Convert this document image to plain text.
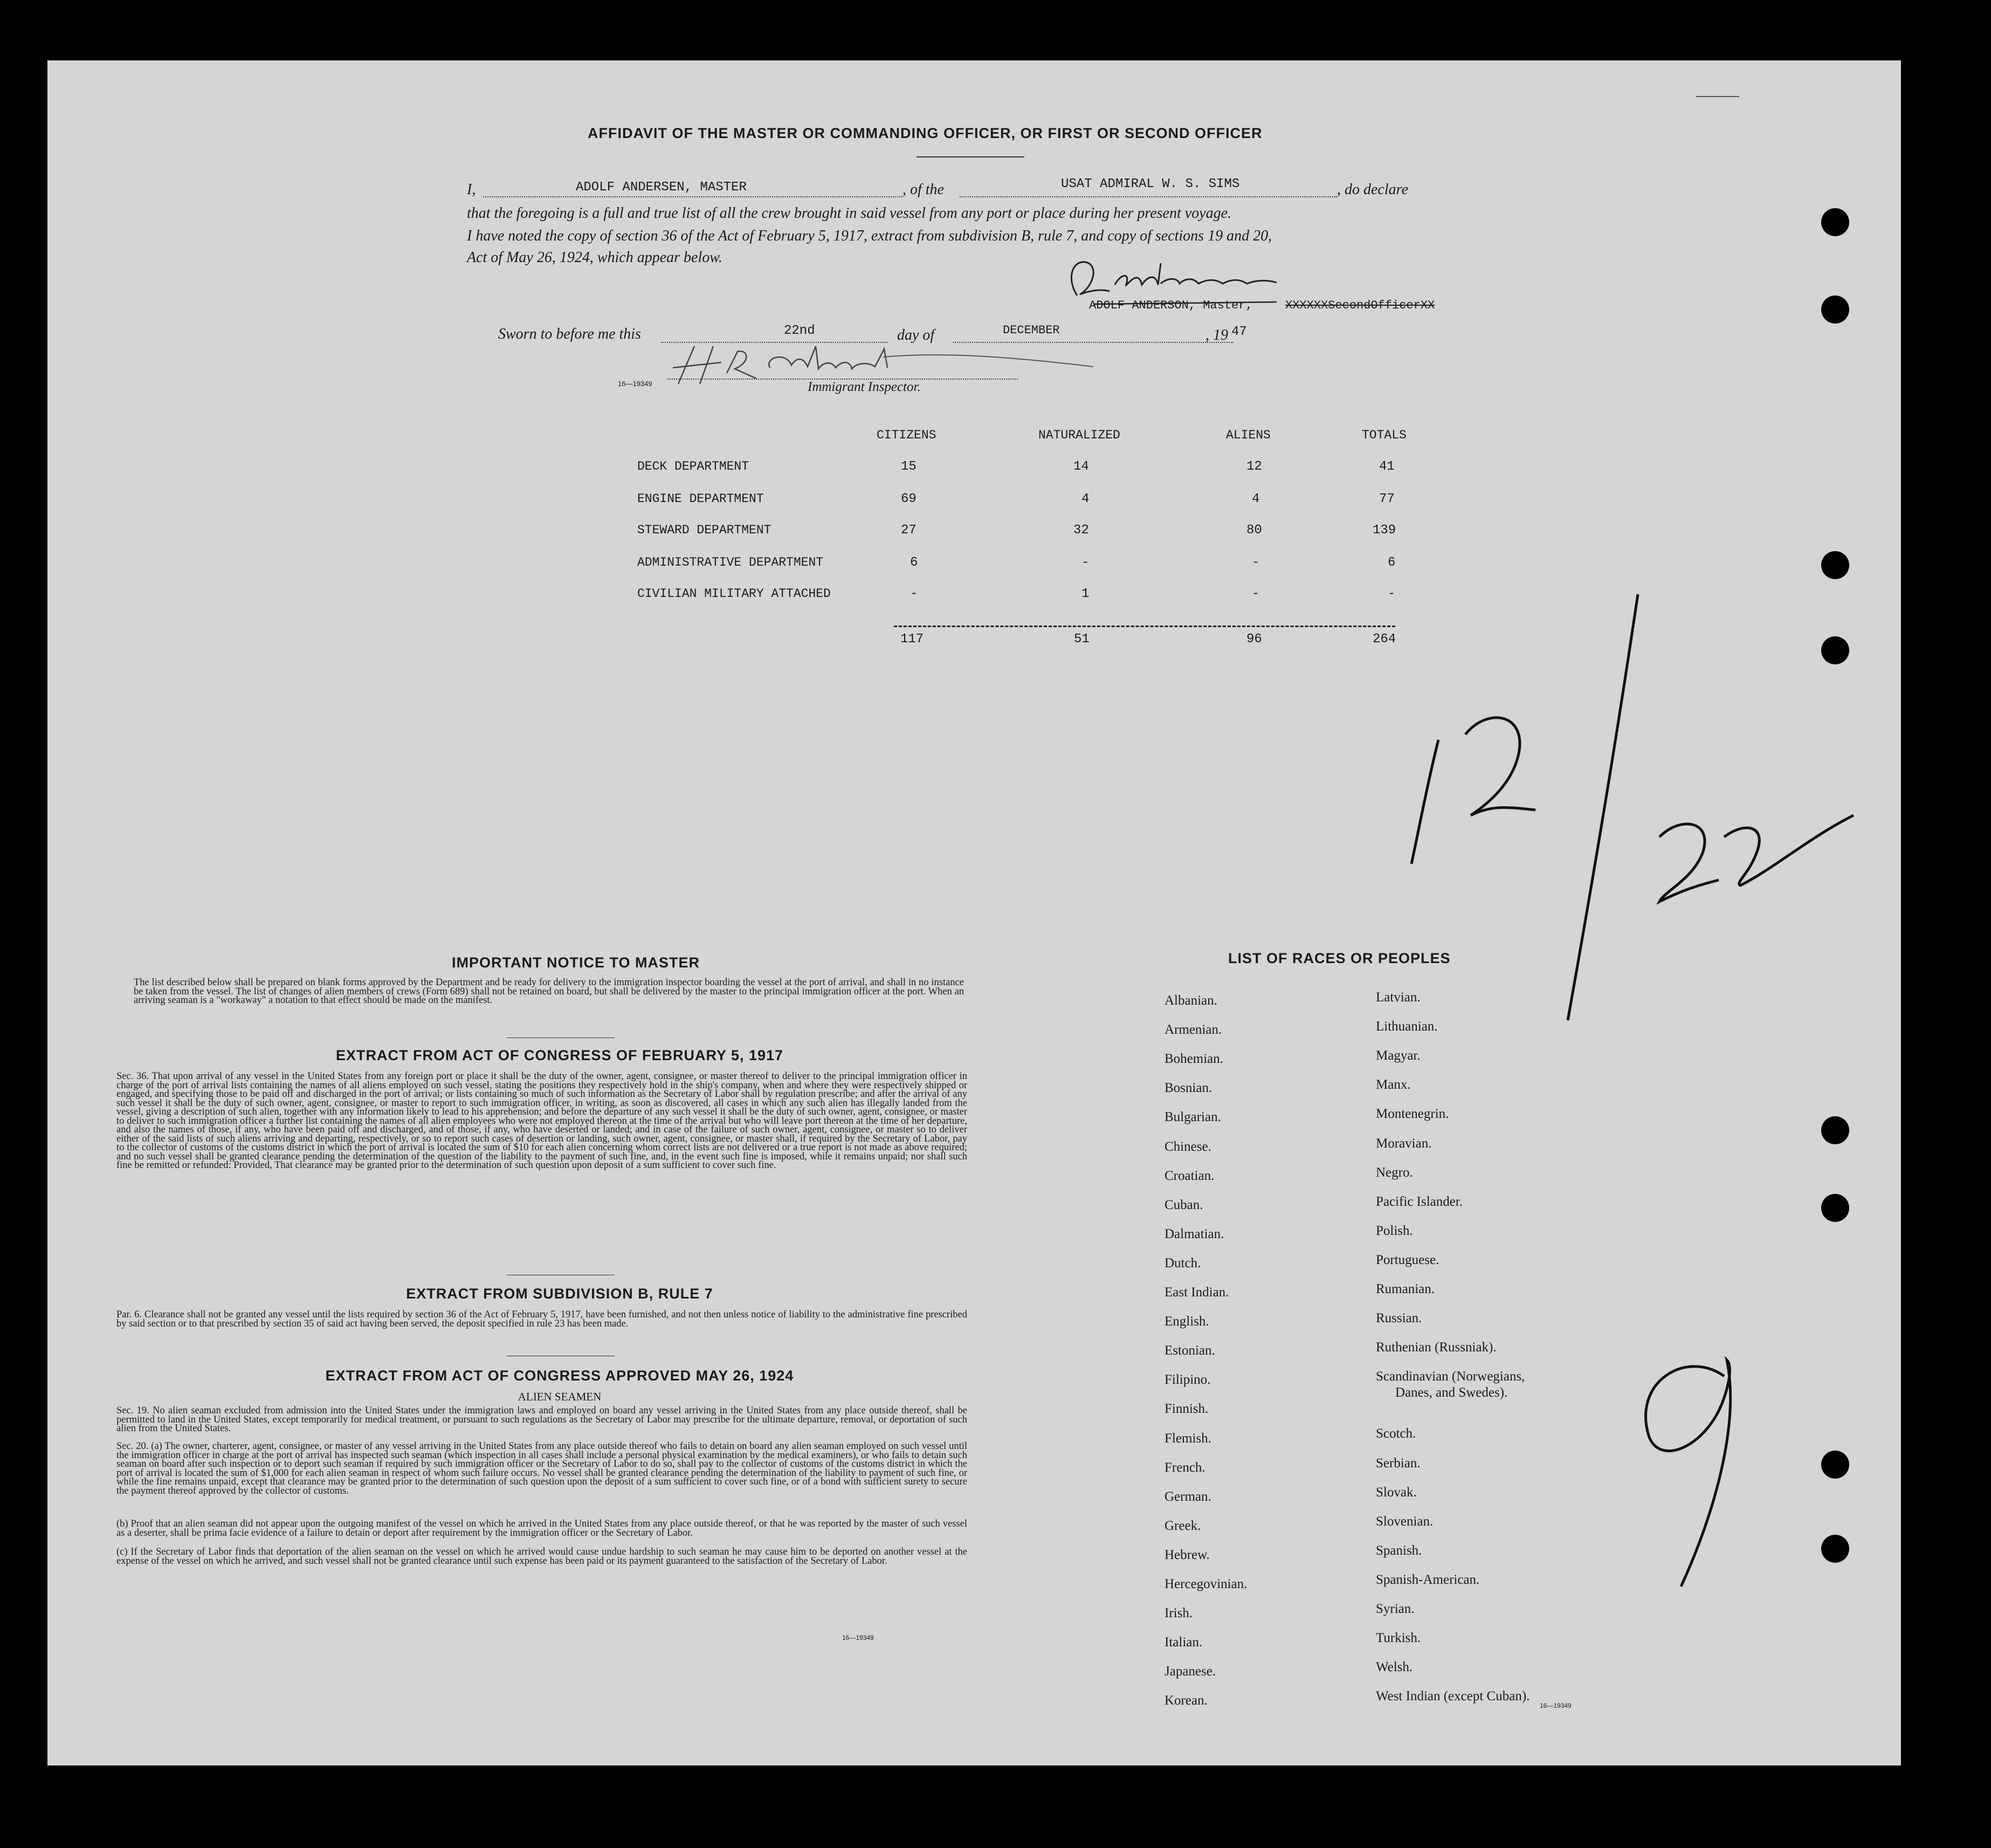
AFFIDAVIT OF THE MASTER OR COMMANDING OFFICER, OR FIRST OR SECOND OFFICER
I,	ADOLF ANDERSEN, MASTER	, of the	USAT ADMIRAL W. S. SIMS	, do declare
that the foregoing is a full and true list of all the crew brought in said vessel from any port or place during her present voyage.
I have noted the copy of section 36 of the Act of February 5, 1917, extract from subdivision B, rule 7, and copy of sections 19 and 20,
Act of May 26, 1924, which appear below.
ADOLF ANDERSON, Master,	XXXXXXSecondOfficerXX
Sworn to before me this	22nd	day of	DECEMBER	, 19 47
16—19349	Immigrant Inspector.
CITIZENS	NATURALIZED	ALIENS	TOTALS
DECK DEPARTMENT	15	14	12	41
ENGINE DEPARTMENT	69	4	4	77
STEWARD DEPARTMENT	27	32	80	139
ADMINISTRATIVE DEPARTMENT	6	-	-	6
CIVILIAN MILITARY ATTACHED	-	1	-	-
117	51	96	264
IMPORTANT NOTICE TO MASTER
The list described below shall be prepared on blank forms approved by the Department and be ready for delivery to the immigration inspector boarding the vessel at the port of arrival, and shall in no instance be taken from the vessel. The list of changes of alien members of crews (Form 689) shall not be retained on board, but shall be delivered by the master to the principal immigration officer at the port. When an arriving seaman is a "workaway" a notation to that effect should be made on the manifest.
EXTRACT FROM ACT OF CONGRESS OF FEBRUARY 5, 1917
Sec. 36. That upon arrival of any vessel in the United States from any foreign port or place it shall be the duty of the owner, agent, consignee, or master thereof to deliver to the principal immigration officer in charge of the port of arrival lists containing the names of all aliens employed on such vessel, stating the positions they respectively hold in the ship's company, when and where they were respectively shipped or engaged, and specifying those to be paid off and discharged in the port of arrival; or lists containing so much of such information as the Secretary of Labor shall by regulation prescribe; and after the arrival of any such vessel it shall be the duty of such owner, agent, consignee, or master to report to such immigration officer, in writing, as soon as discovered, all cases in which any such alien has illegally landed from the vessel, giving a description of such alien, together with any information likely to lead to his apprehension; and before the departure of any such vessel it shall be the duty of such owner, agent, consignee, or master to deliver to such immigration officer a further list containing the names of all alien employees who were not employed thereon at the time of the arrival but who will leave port thereon at the time of her departure, and also the names of those, if any, who have been paid off and discharged, and of those, if any, who have deserted or landed; and in case of the failure of such owner, agent, consignee, or master so to deliver either of the said lists of such aliens arriving and departing, respectively, or so to report such cases of desertion or landing, such owner, agent, consignee, or master shall, if required by the Secretary of Labor, pay to the collector of customs of the customs district in which the port of arrival is located the sum of $10 for each alien concerning whom correct lists are not delivered or a true report is not made as above required; and no such vessel shall be granted clearance pending the determination of the question of the liability to the payment of such fine, and, in the event such fine is imposed, while it remains unpaid; nor shall such fine be remitted or refunded: Provided, That clearance may be granted prior to the determination of such question upon deposit of a sum sufficient to cover such fine.
EXTRACT FROM SUBDIVISION B, RULE 7
Par. 6. Clearance shall not be granted any vessel until the lists required by section 36 of the Act of February 5, 1917, have been furnished, and not then unless notice of liability to the administrative fine prescribed by said section or to that prescribed by section 35 of said act having been served, the deposit specified in rule 23 has been made.
EXTRACT FROM ACT OF CONGRESS APPROVED MAY 26, 1924
ALIEN SEAMEN
Sec. 19. No alien seaman excluded from admission into the United States under the immigration laws and employed on board any vessel arriving in the United States from any place outside thereof, shall be permitted to land in the United States, except temporarily for medical treatment, or pursuant to such regulations as the Secretary of Labor may prescribe for the ultimate departure, removal, or deportation of such alien from the United States.
Sec. 20. (a) The owner, charterer, agent, consignee, or master of any vessel arriving in the United States from any place outside thereof who fails to detain on board any alien seaman employed on such vessel until the immigration officer in charge at the port of arrival has inspected such seaman (which inspection in all cases shall include a personal physical examination by the medical examiners), or who fails to detain such seaman on board after such inspection or to deport such seaman if required by such immigration officer or the Secretary of Labor to do so, shall pay to the collector of customs of the customs district in which the port of arrival is located the sum of $1,000 for each alien seaman in respect of whom such failure occurs. No vessel shall be granted clearance pending the determination of the liability to payment of such fine, or while the fine remains unpaid, except that clearance may be granted prior to the determination of such question upon the deposit of a sum sufficient to cover such fine, or of a bond with sufficient surety to secure the payment thereof approved by the collector of customs.
(b) Proof that an alien seaman did not appear upon the outgoing manifest of the vessel on which he arrived in the United States from any place outside thereof, or that he was reported by the master of such vessel as a deserter, shall be prima facie evidence of a failure to detain or deport after requirement by the immigration officer or the Secretary of Labor.
(c) If the Secretary of Labor finds that deportation of the alien seaman on the vessel on which he arrived would cause undue hardship to such seaman he may cause him to be deported on another vessel at the expense of the vessel on which he arrived, and such vessel shall not be granted clearance until such expense has been paid or its payment guaranteed to the satisfaction of the Secretary of Labor.
16—19349
LIST OF RACES OR PEOPLES
16—19349
Albanian.
Armenian.
Bohemian.
Bosnian.
Bulgarian.
Chinese.
Croatian.
Cuban.
Dalmatian.
Dutch.
East Indian.
English.
Estonian.
Filipino.
Finnish.
Flemish.
French.
German.
Greek.
Hebrew.
Hercegovinian.
Irish.
Italian.
Japanese.
Korean.
Latvian.
Lithuanian.
Magyar.
Manx.
Montenegrin.
Moravian.
Negro.
Pacific Islander.
Polish.
Portuguese.
Rumanian.
Russian.
Ruthenian (Russniak).
Scandinavian (Norwegians,
Danes, and Swedes).
Scotch.
Serbian.
Slovak.
Slovenian.
Spanish.
Spanish-American.
Syrian.
Turkish.
Welsh.
West Indian (except Cuban).
